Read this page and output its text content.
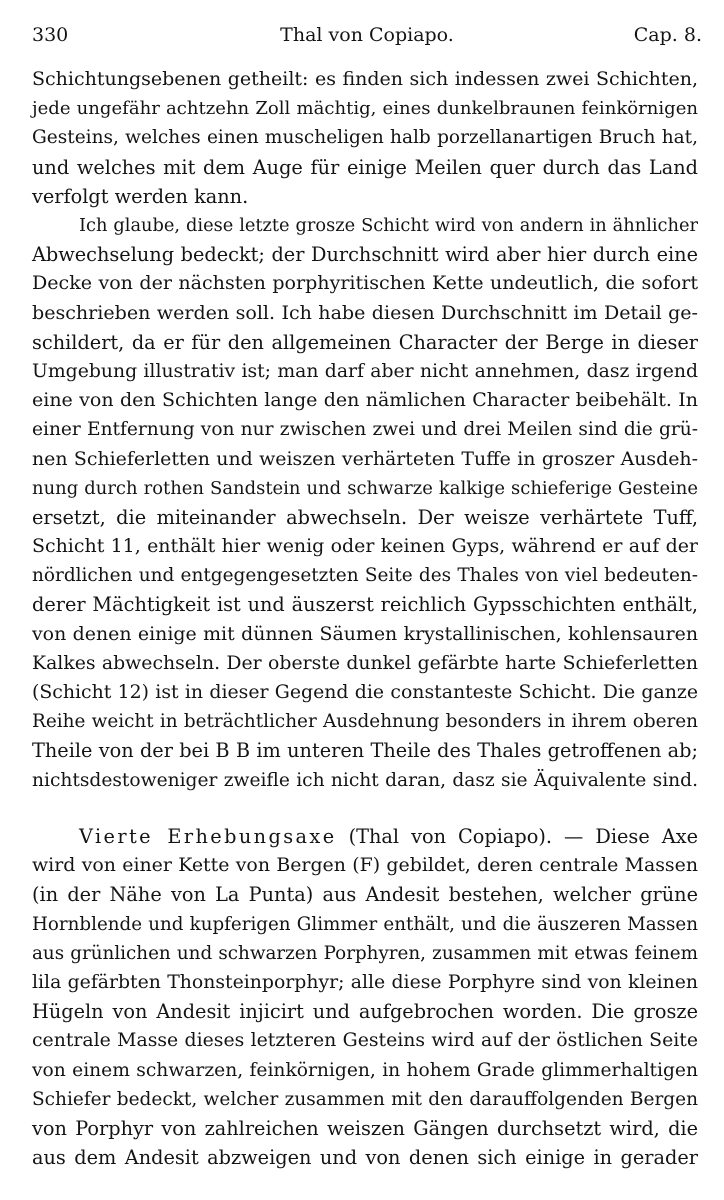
330	Thal von Copiapo.	Cap. 8.
Schichtungsebenen getheilt: es finden sich indessen zwei Schichten,
jede ungefähr achtzehn Zoll mächtig, eines dunkelbraunen feinkörnigen
Gesteins, welches einen muscheligen halb porzellanartigen Bruch hat,
und welches mit dem Auge für einige Meilen quer durch das Land
verfolgt werden kann.
Ich glaube, diese letzte grosze Schicht wird von andern in ähnlicher
Abwechselung bedeckt; der Durchschnitt wird aber hier durch eine
Decke von der nächsten porphyritischen Kette undeutlich, die sofort
beschrieben werden soll. Ich habe diesen Durchschnitt im Detail ge-
schildert, da er für den allgemeinen Character der Berge in dieser
Umgebung illustrativ ist; man darf aber nicht annehmen, dasz irgend
eine von den Schichten lange den nämlichen Character beibehält. In
einer Entfernung von nur zwischen zwei und drei Meilen sind die grü-
nen Schieferletten und weiszen verhärteten Tuffe in groszer Ausdeh-
nung durch rothen Sandstein und schwarze kalkige schieferige Gesteine
ersetzt, die miteinander abwechseln. Der weisze verhärtete Tuff,
Schicht 11, enthält hier wenig oder keinen Gyps, während er auf der
nördlichen und entgegengesetzten Seite des Thales von viel bedeuten-
derer Mächtigkeit ist und äuszerst reichlich Gypsschichten enthält,
von denen einige mit dünnen Säumen krystallinischen, kohlensauren
Kalkes abwechseln. Der oberste dunkel gefärbte harte Schieferletten
(Schicht 12) ist in dieser Gegend die constanteste Schicht. Die ganze
Reihe weicht in beträchtlicher Ausdehnung besonders in ihrem oberen
Theile von der bei B B im unteren Theile des Thales getroffenen ab;
nichtsdestoweniger zweifle ich nicht daran, dasz sie Äquivalente sind.
Vierte Erhebungsaxe (Thal von Copiapo). — Diese Axe
wird von einer Kette von Bergen (F) gebildet, deren centrale Massen
(in der Nähe von La Punta) aus Andesit bestehen, welcher grüne
Hornblende und kupferigen Glimmer enthält, und die äuszeren Massen
aus grünlichen und schwarzen Porphyren, zusammen mit etwas feinem
lila gefärbten Thonsteinporphyr; alle diese Porphyre sind von kleinen
Hügeln von Andesit injicirt und aufgebrochen worden. Die grosze
centrale Masse dieses letzteren Gesteins wird auf der östlichen Seite
von einem schwarzen, feinkörnigen, in hohem Grade glimmerhaltigen
Schiefer bedeckt, welcher zusammen mit den darauffolgenden Bergen
von Porphyr von zahlreichen weiszen Gängen durchsetzt wird, die
aus dem Andesit abzweigen und von denen sich einige in gerader
